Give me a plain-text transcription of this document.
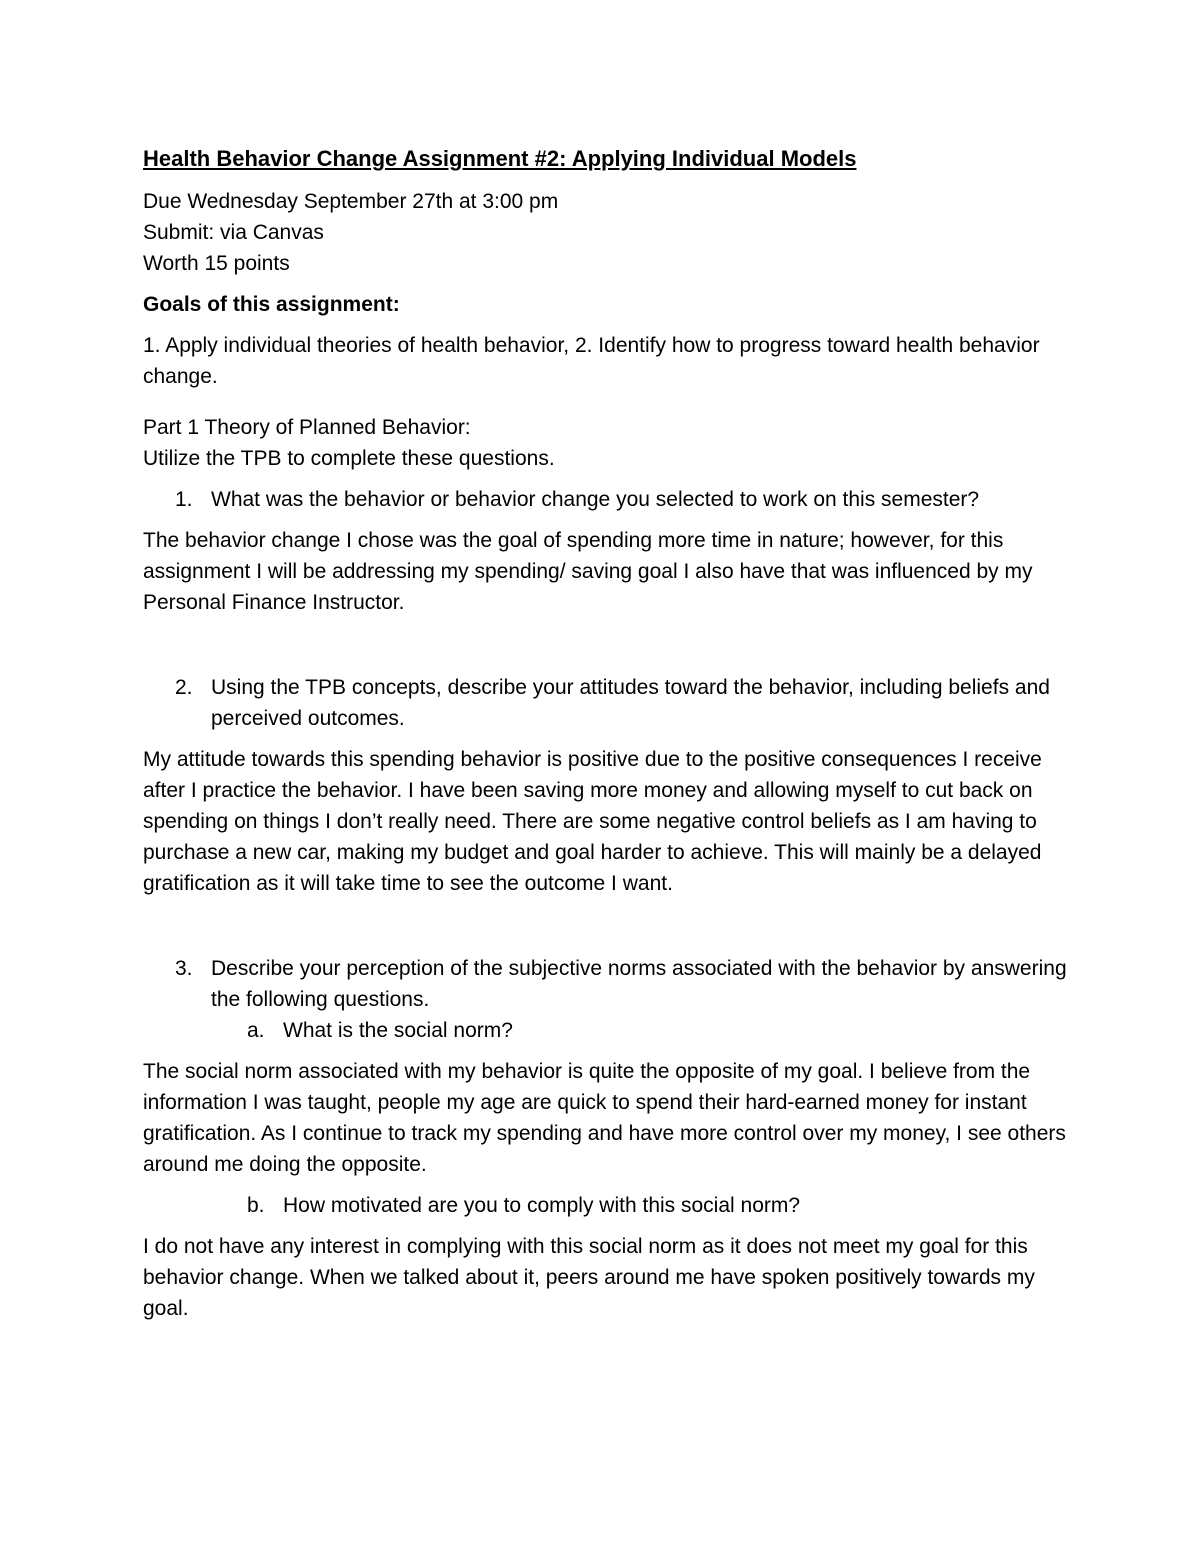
Health Behavior Change Assignment #2: Applying Individual Models
Due Wednesday September 27th at 3:00 pm
Submit: via Canvas
Worth 15 points
Goals of this assignment:
1. Apply individual theories of health behavior, 2. Identify how to progress toward health behavior change.
Part 1 Theory of Planned Behavior:
Utilize the TPB to complete these questions.
1. What was the behavior or behavior change you selected to work on this semester?
The behavior change I chose was the goal of spending more time in nature; however, for this assignment I will be addressing my spending/ saving goal I also have that was influenced by my Personal Finance Instructor.
2. Using the TPB concepts, describe your attitudes toward the behavior, including beliefs and perceived outcomes.
My attitude towards this spending behavior is positive due to the positive consequences I receive after I practice the behavior. I have been saving more money and allowing myself to cut back on spending on things I don’t really need. There are some negative control beliefs as I am having to purchase a new car, making my budget and goal harder to achieve. This will mainly be a delayed gratification as it will take time to see the outcome I want.
3. Describe your perception of the subjective norms associated with the behavior by answering the following questions.
a. What is the social norm?
The social norm associated with my behavior is quite the opposite of my goal. I believe from the information I was taught, people my age are quick to spend their hard-earned money for instant gratification. As I continue to track my spending and have more control over my money, I see others around me doing the opposite.
b. How motivated are you to comply with this social norm?
I do not have any interest in complying with this social norm as it does not meet my goal for this behavior change. When we talked about it, peers around me have spoken positively towards my goal.
